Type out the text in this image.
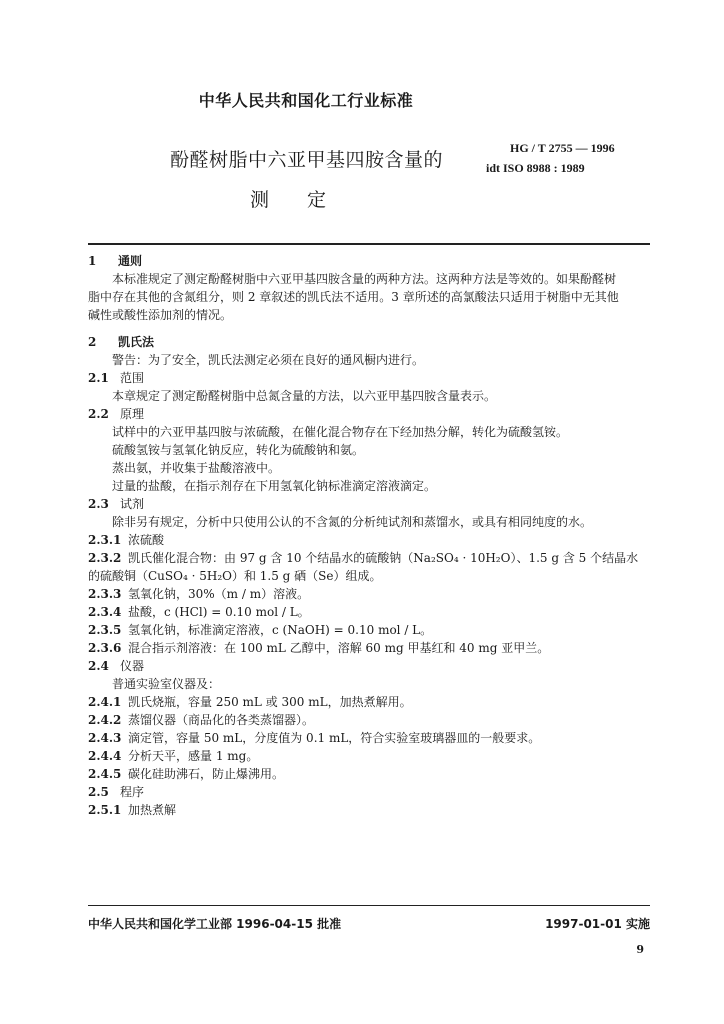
中华人民共和国化工行业标准
酚醛树脂中六亚甲基四胺含量的
测　　定
HG / T 2755 — 1996
idt ISO 8988 : 1989
1 通则
本标准规定了测定酚醛树脂中六亚甲基四胺含量的两种方法。这两种方法是等效的。如果酚醛树
脂中存在其他的含氮组分，则 2 章叙述的凯氏法不适用。3 章所述的高氯酸法只适用于树脂中无其他
碱性或酸性添加剂的情况。
2 凯氏法
警告：为了安全，凯氏法测定必须在良好的通风橱内进行。
2.1 范围
本章规定了测定酚醛树脂中总氮含量的方法，以六亚甲基四胺含量表示。
2.2 原理
试样中的六亚甲基四胺与浓硫酸，在催化混合物存在下经加热分解，转化为硫酸氢铵。
硫酸氢铵与氢氧化钠反应，转化为硫酸钠和氨。
蒸出氨，并收集于盐酸溶液中。
过量的盐酸，在指示剂存在下用氢氧化钠标准滴定溶液滴定。
2.3 试剂
除非另有规定，分析中只使用公认的不含氮的分析纯试剂和蒸馏水，或具有相同纯度的水。
2.3.1 浓硫酸
2.3.2 凯氏催化混合物：由 97 g 含 10 个结晶水的硫酸钠（Na₂SO₄ · 10H₂O）、1.5 g 含 5 个结晶水
的硫酸铜（CuSO₄ · 5H₂O）和 1.5 g 硒（Se）组成。
2.3.3 氢氧化钠，30%（m / m）溶液。
2.3.4 盐酸，c (HCl) = 0.10 mol / L。
2.3.5 氢氧化钠，标准滴定溶液，c (NaOH) = 0.10 mol / L。
2.3.6 混合指示剂溶液：在 100 mL 乙醇中，溶解 60 mg 甲基红和 40 mg 亚甲兰。
2.4 仪器
普通实验室仪器及：
2.4.1 凯氏烧瓶，容量 250 mL 或 300 mL，加热煮解用。
2.4.2 蒸馏仪器（商品化的各类蒸馏器）。
2.4.3 滴定管，容量 50 mL，分度值为 0.1 mL，符合实验室玻璃器皿的一般要求。
2.4.4 分析天平，感量 1 mg。
2.4.5 碳化硅助沸石，防止爆沸用。
2.5 程序
2.5.1 加热煮解
中华人民共和国化学工业部 1996-04-15 批准	1997-01-01 实施
9
